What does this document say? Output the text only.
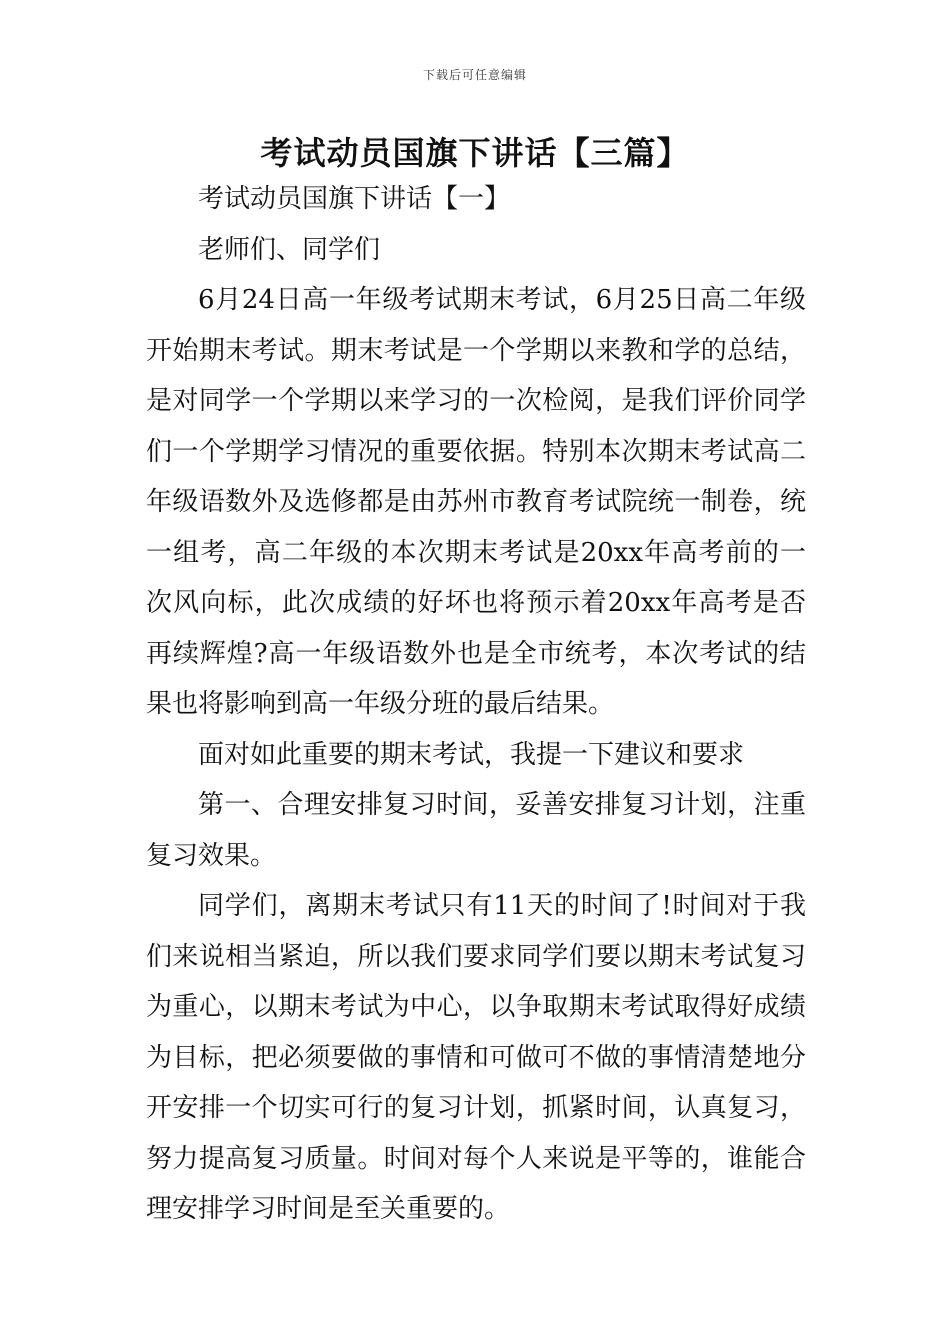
下载后可任意编辑
考试动员国旗下讲话【三篇】

考试动员国旗下讲话【一】

老师们、同学们

6月24日高一年级考试期末考试，6月25日高二年级开始期末考试。期末考试是一个学期以来教和学的总结，是对同学一个学期以来学习的一次检阅，是我们评价同学们一个学期学习情况的重要依据。特别本次期末考试高二年级语数外及选修都是由苏州市教育考试院统一制卷，统一组考，高二年级的本次期末考试是20xx年高考前的一次风向标，此次成绩的好坏也将预示着20xx年高考是否再续辉煌?高一年级语数外也是全市统考，本次考试的结果也将影响到高一年级分班的最后结果。

面对如此重要的期末考试，我提一下建议和要求

第一、合理安排复习时间，妥善安排复习计划，注重复习效果。

同学们，离期末考试只有11天的时间了!时间对于我们来说相当紧迫，所以我们要求同学们要以期末考试复习为重心，以期末考试为中心，以争取期末考试取得好成绩为目标，把必须要做的事情和可做可不做的事情清楚地分开安排一个切实可行的复习计划，抓紧时间，认真复习，努力提高复习质量。时间对每个人来说是平等的，谁能合理安排学习时间是至关重要的。
